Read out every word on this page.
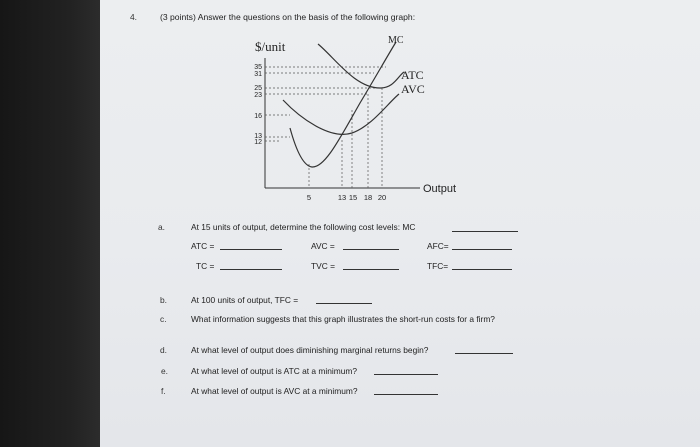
4.	(3 points) Answer the questions on the basis of the following graph:
$/unit
Output
MC
ATC
AVC
35
31
25
23
16
13
12
5	13 15 18 20
a.	At 15 units of output, determine the following cost levels: MC
ATC =	AVC =	AFC=
TC =	TVC =	TFC=
b.	At 100 units of output, TFC =
c.	What information suggests that this graph illustrates the short-run costs for a firm?
d.	At what level of output does diminishing marginal returns begin?
e.	At what level of output is ATC at a minimum?
f.	At what level of output is AVC at a minimum?
